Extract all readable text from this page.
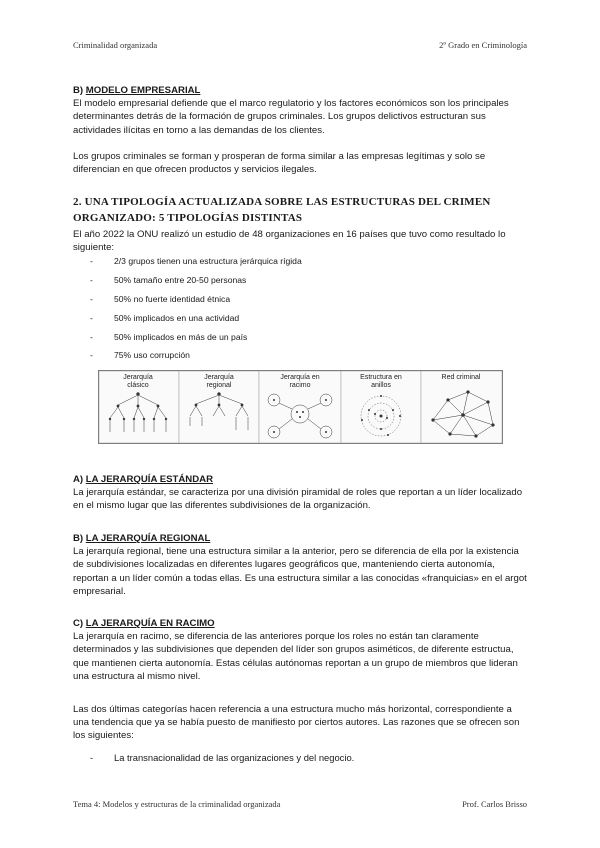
Criminalidad organizada	2º Grado en Criminología
B) MODELO EMPRESARIAL
El modelo empresarial defiende que el marco regulatorio y los factores económicos son los principales determinantes detrás de la formación de grupos criminales. Los grupos delictivos estructuran sus actividades ilícitas en torno a las demandas de los clientes.
Los grupos criminales se forman y prosperan de forma similar a las empresas legítimas y solo se diferencian en que ofrecen productos y servicios ilegales.
2. UNA TIPOLOGÍA ACTUALIZADA SOBRE LAS ESTRUCTURAS DEL CRIMEN ORGANIZADO: 5 TIPOLOGÍAS DISTINTAS
El año 2022 la ONU realizó un estudio de 48 organizaciones en 16 países que tuvo como resultado lo siguiente:
- 2/3 grupos tienen una estructura jerárquica rígida
- 50% tamaño entre 20-50 personas
- 50% no fuerte identidad étnica
- 50% implicados en una actividad
- 50% implicados en más de un país
- 75% uso corrupción
Jerarquía
clásico
Jerarquía
regional
Jerarquía en
racimo
Estructura en
anillos
Red criminal
A) LA JERARQUÍA ESTÁNDAR
La jerarquía estándar, se caracteriza por una división piramidal de roles que reportan a un líder localizado en el mismo lugar que las diferentes subdivisiones de la organización.
B) LA JERARQUÍA REGIONAL
La jerarquía regional, tiene una estructura similar a la anterior, pero se diferencia de ella por la existencia de subdivisiones localizadas en diferentes lugares geográficos que, manteniendo cierta autonomía, reportan a un líder común a todas ellas. Es una estructura similar a las conocidas «franquicias» en el argot empresarial.
C) LA JERARQUÍA EN RACIMO
La jerarquía en racimo, se diferencia de las anteriores porque los roles no están tan claramente determinados y las subdivisiones que dependen del líder son grupos asiméticos, de diferente estructua, que mantienen cierta autonomía. Estas células autónomas reportan a un grupo de miembros que lideran una estructura al mismo nivel.
Las dos últimas categorías hacen referencia a una estructura mucho más horizontal, correspondiente a una tendencia que ya se había puesto de manifiesto por ciertos autores. Las razones que se ofrecen son los siguientes:
- La transnacionalidad de las organizaciones y del negocio.
Tema 4: Modelos y estructuras de la criminalidad organizada	Prof. Carlos Brisso
